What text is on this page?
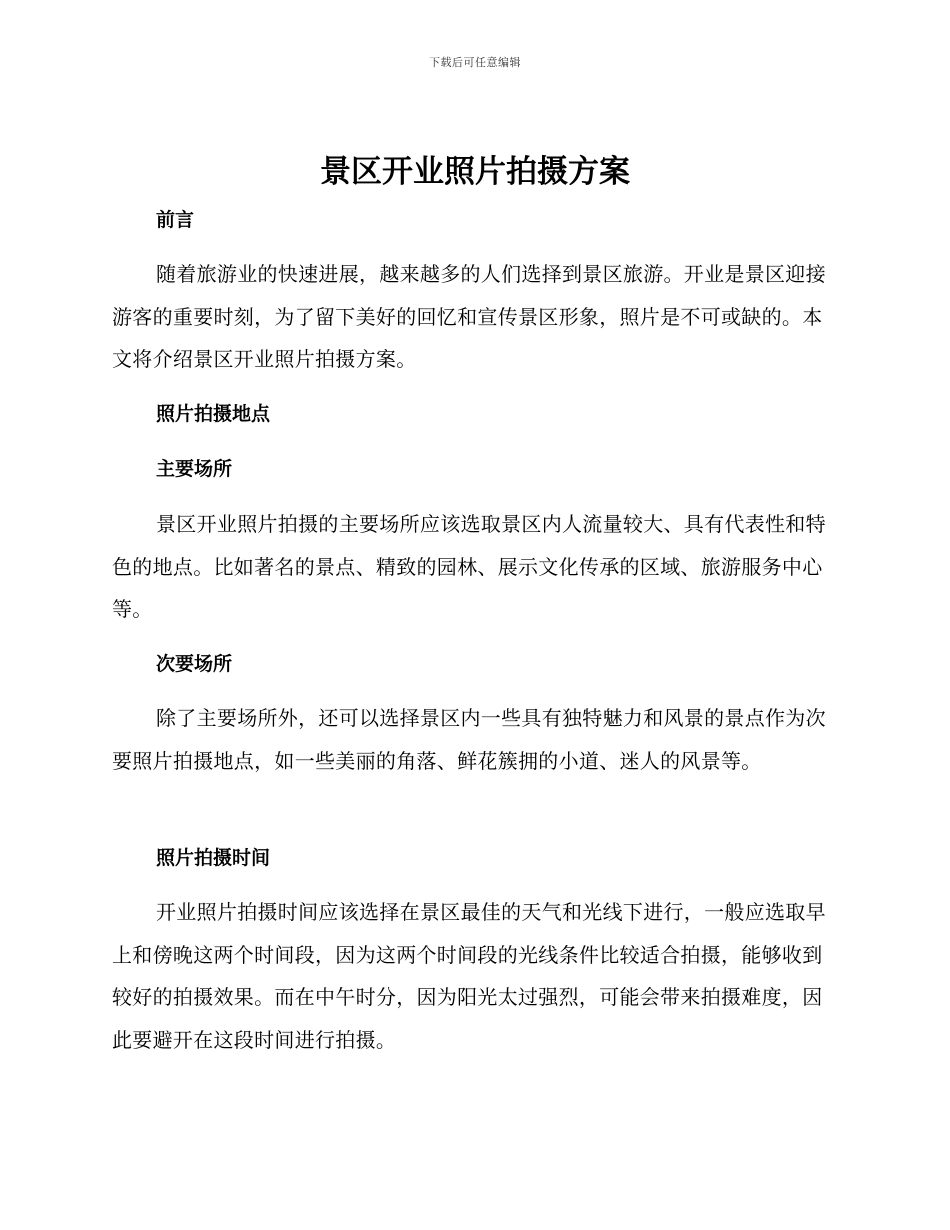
下载后可任意编辑
景区开业照片拍摄方案
前言

随着旅游业的快速进展，越来越多的人们选择到景区旅游。开业是景区迎接游客的重要时刻，为了留下美好的回忆和宣传景区形象，照片是不可或缺的。本文将介绍景区开业照片拍摄方案。

照片拍摄地点
主要场所

景区开业照片拍摄的主要场所应该选取景区内人流量较大、具有代表性和特色的地点。比如著名的景点、精致的园林、展示文化传承的区域、旅游服务中心等。

次要场所

除了主要场所外，还可以选择景区内一些具有独特魅力和风景的景点作为次要照片拍摄地点，如一些美丽的角落、鲜花簇拥的小道、迷人的风景等。

照片拍摄时间

开业照片拍摄时间应该选择在景区最佳的天气和光线下进行，一般应选取早上和傍晚这两个时间段，因为这两个时间段的光线条件比较适合拍摄，能够收到较好的拍摄效果。而在中午时分，因为阳光太过强烈，可能会带来拍摄难度，因此要避开在这段时间进行拍摄。
